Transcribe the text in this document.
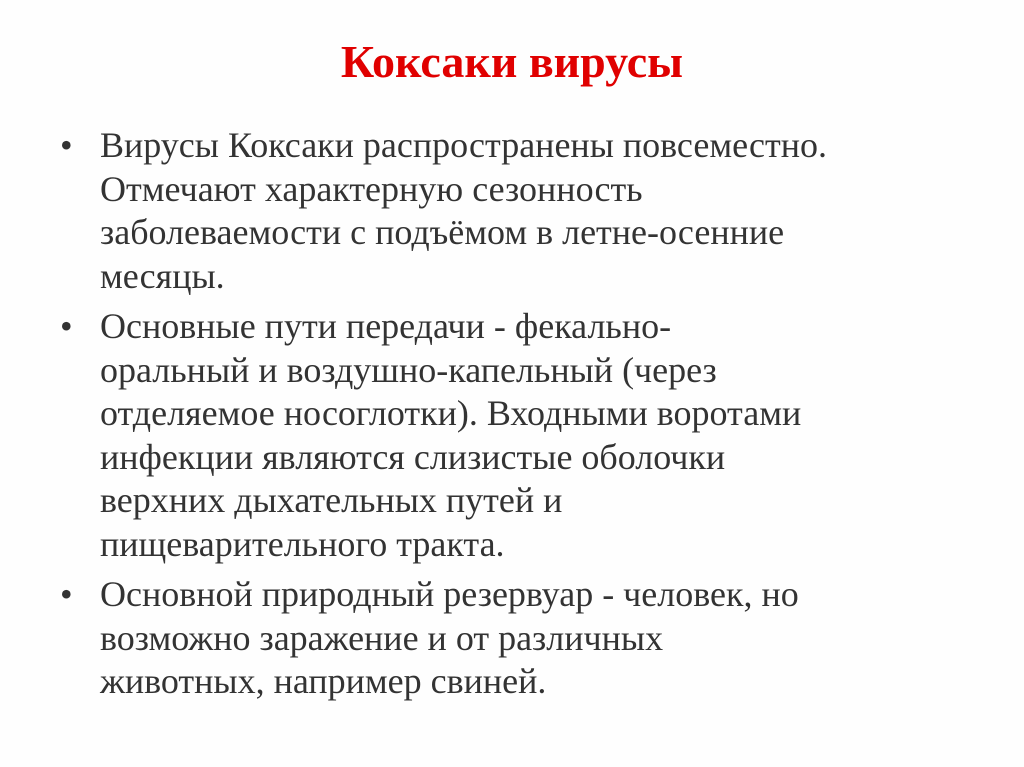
Коксаки вирусы
• Вирусы Коксаки распространены повсеместно.
Отмечают характерную сезонность
заболеваемости с подъёмом в летне-осенние
месяцы.
• Основные пути передачи - фекально-
оральный и воздушно-капельный (через
отделяемое носоглотки). Входными воротами
инфекции являются слизистые оболочки
верхних дыхательных путей и
пищеварительного тракта.
• Основной природный резервуар - человек, но
возможно заражение и от различных
животных, например свиней.
